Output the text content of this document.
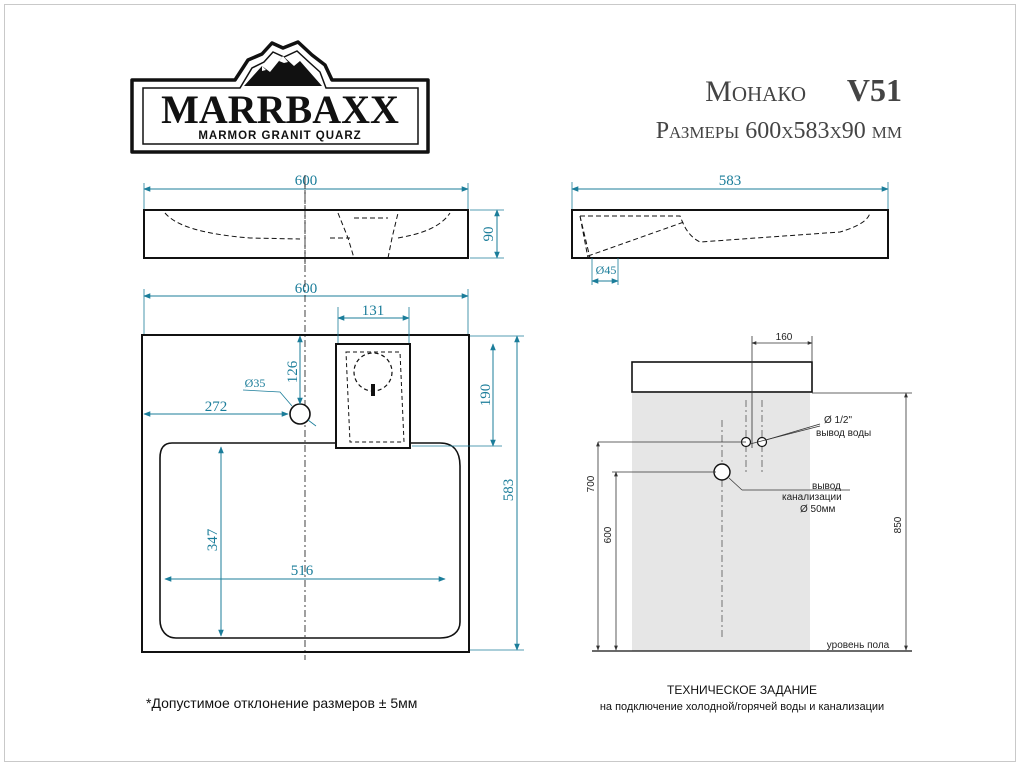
MARRBAXX
MARMOR GRANIT QUARZ
Монако V51
Размеры 600х583х90 мм
600
90
583
Ø45
600
131
126
272
Ø35
190
583
347
516
160
Ø 1/2"
вывод воды
вывод
канализации
Ø 50мм
700
600
850
уровень пола
*Допустимое отклонение размеров ± 5мм
ТЕХНИЧЕСКОЕ ЗАДАНИЕ
на подключение холодной/горячей воды и канализации
